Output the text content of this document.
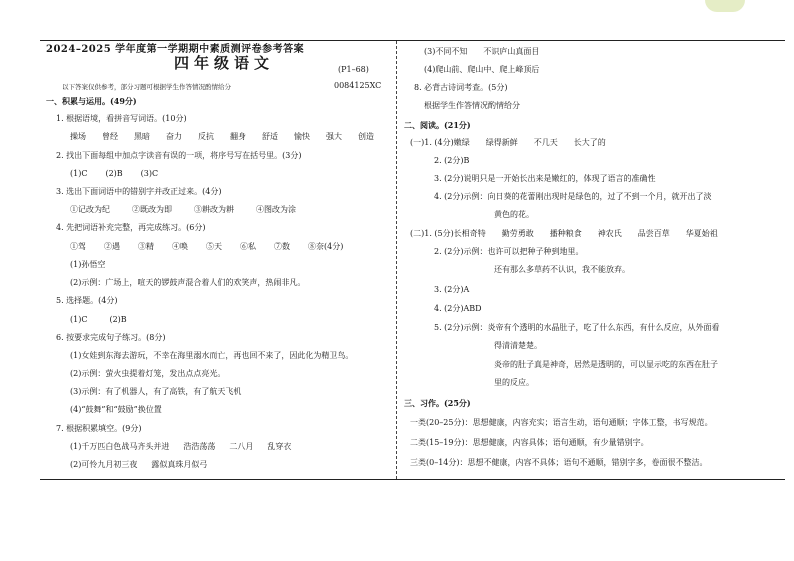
2024–2025 学年度第一学期期中素质测评卷参考答案
四年级语文	(P1–68)
以下答案仅供参考，部分习题可根据学生作答情况酌情给分	0084125XC
一、积累与运用。(49分)
1. 根据语境，看拼音写词语。(10分)
操场 曾经 黑暗 奋力 反抗 翻身 舒适 愉快 强大 创造
2. 找出下面每组中加点字读音有误的一项，将序号写在括号里。(3分)
(1)C (2)B (3)C
3. 选出下面词语中的错别字并改正过来。(4分)
①记改为纪	②既改为即	③耕改为耕	④图改为涂
4. 先把词语补充完整，再完成练习。(6分)
①驾 ②遇 ③精 ④唤 ⑤天 ⑥私 ⑦数 ⑧奈(4分)
(1)孙悟空
(2)示例：广场上，喧天的锣鼓声混合着人们的欢笑声，热闹非凡。
5. 选择题。(4分)
(1)C	(2)B
6. 按要求完成句子练习。(8分)
(1)女娃到东海去游玩，不幸在海里溺水而亡，再也回不来了，因此化为精卫鸟。
(2)示例：萤火虫提着灯笼，发出点点亮光。
(3)示例：有了机器人，有了高铁，有了航天飞机
(4)“鼓舞”和“鼓励”换位置
7. 根据积累填空。(9分)
(1)千万匹白色战马齐头并进 浩浩荡荡 二八月 乱穿衣
(2)可怜九月初三夜 露似真珠月似弓
(3)不同不知　　不识庐山真面目
(4)爬山前、爬山中、爬上峰顶后
8. 必背古诗词考查。(5分)
根据学生作答情况酌情给分
二、阅读。(21分)
(一)1. (4分)嫩绿　　绿得新鲜　　不几天　　长大了的
2. (2分)B
3. (2分)说明只是一开始长出来是嫩红的，体现了语言的准确性
4. (2分)示例：向日葵的花蕾刚出现时是绿色的，过了不到一个月，就开出了淡
黄色的花。
(二)1. (5分)长相奇特　　勤劳勇敢　　播种粮食　　神农氏　　品尝百草　　华夏始祖
2. (2分)示例：也许可以把种子种到地里。
还有那么多草药不认识，我不能放弃。
3. (2分)A
4. (2分)ABD
5. (2分)示例：炎帝有个透明的水晶肚子，吃了什么东西，有什么反应，从外面看
得清清楚楚。
炎帝的肚子真是神奇，居然是透明的，可以显示吃的东西在肚子
里的反应。
三、习作。(25分)
一类(20–25分)：思想健康，内容充实；语言生动，语句通顺；字体工整，书写规范。
二类(15–19分)：思想健康，内容具体；语句通顺，有少量错别字。
三类(0–14分)：思想不健康，内容不具体；语句不通顺，错别字多，卷面很不整洁。
